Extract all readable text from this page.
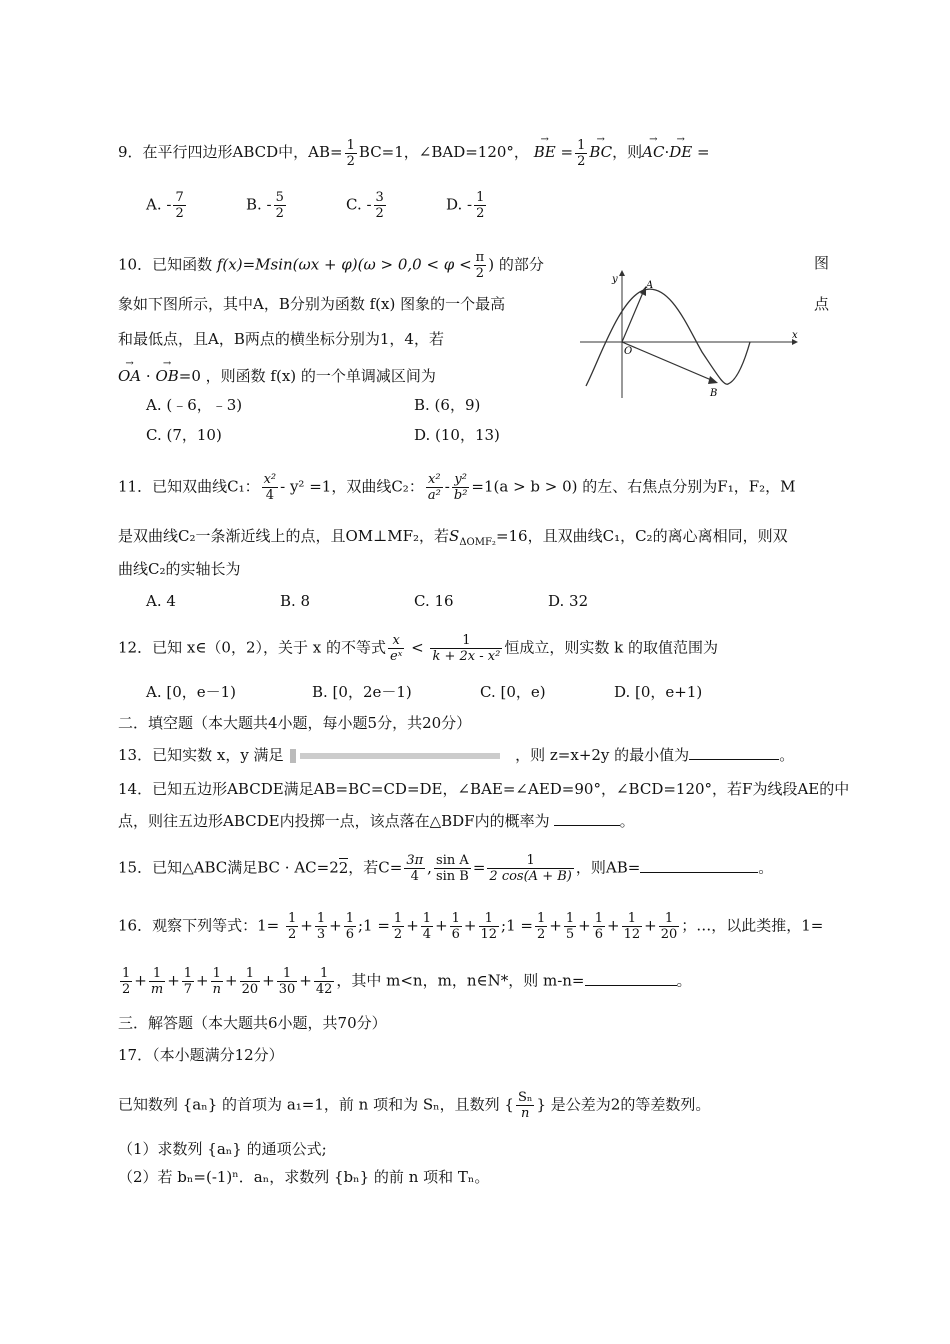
9．在平行四边形ABCD中，$AB= \frac{1}{2} BC=1$，∠BAD=120°， → BE = $\frac{1}{2}$ → BC，则→ AC·→ DE =
A. - $\frac{7}{2}$	B. - $\frac{5}{2}$	C. - $\frac{3}{2}$	D. - $\frac{1}{2}$
10．已知函数 $f(x)=Msin(\omega x + \varphi)(\omega > 0,0 < \varphi < \frac{\pi}{2}$ ) 的部分	图
象如下图所示，其中A，B分别为函数 f(x) 图象的一个最高	点
和最低点，且A，B两点的横坐标分别为1，4，若
→ OA · → OB=0 ，则函数 f(x) 的一个单调减区间为
A. (﹣6，﹣3)	B. (6，9)
C. (7，10)	D. (10，13)
y
x
O
A
B
11．已知双曲线C₁： $\frac{\text{x²}}{4} - y^2 =1$，双曲线C₂： $\frac{\text{x²}}{\text{a²}} - \frac{\text{y²}}{\text{b²}} =1(a > b > 0)$ 的左、右焦点分别为F₁，F₂，M
是双曲线C₂一条渐近线上的点，且OM⊥MF₂，若$S_{\Delta OMF_2}=16$，且双曲线C₁，C₂的离心离相同，则双
曲线C₂的实轴长为
A. 4	B. 8	C. 16	D. 32
12．已知 x∈（0，2），关于 x 的不等式 $\frac{x}{\text{eˣ}} < \frac{1}{\text{k + 2x - x²}}$ 恒成立，则实数 k 的取值范围为
A. [0，e－1)	B. [0，2e－1)	C. [0，e)	D. [0，e+1)
二．填空题（本大题共4小题，每小题5分，共20分）
13．已知实数 x，y 满足	，则 z=x+2y 的最小值为	。
14．已知五边形ABCDE满足AB=BC=CD=DE，∠BAE=∠AED=90°，∠BCD=120°，若F为线段AE的中
点，则往五边形ABCDE内投掷一点，该点落在△BDF内的概率为	。
15．已知△ABC满足BC · AC=22，若$C= \frac{3\pi}{4}$ , $\frac{\text{sin A}}{\text{sin B}} = \frac{1}{2 \cos(A + B)}$ ，则AB=	。
16．观察下列等式：$1= \frac{1}{2} + \frac{1}{3} + \frac{1}{6}$ ;1 = $\frac{1}{2} + \frac{1}{4} + \frac{1}{6} + \frac{1}{12}$ ;1 = $\frac{1}{2} + \frac{1}{5} + \frac{1}{6} + \frac{1}{12} + \frac{1}{20}$ ；…，以此类推，1=
$\frac{1}{2} + \frac{1}{m} + \frac{1}{7} + \frac{1}{n} + \frac{1}{20} + \frac{1}{30} + \frac{1}{42}$ ，其中 m<n，m，n∈N*，则 m-n=	。
三．解答题（本大题共6小题，共70分）
17．（本小题满分12分）
已知数列 {aₙ} 的首项为 a₁=1，前 n 项和为 Sₙ，且数列 { $\frac{\text{Sₙ}}{n}$ } 是公差为2的等差数列。
（1）求数列 {aₙ} 的通项公式;
（2）若 bₙ=(-1)ⁿ．aₙ，求数列 {bₙ} 的前 n 项和 Tₙ。
